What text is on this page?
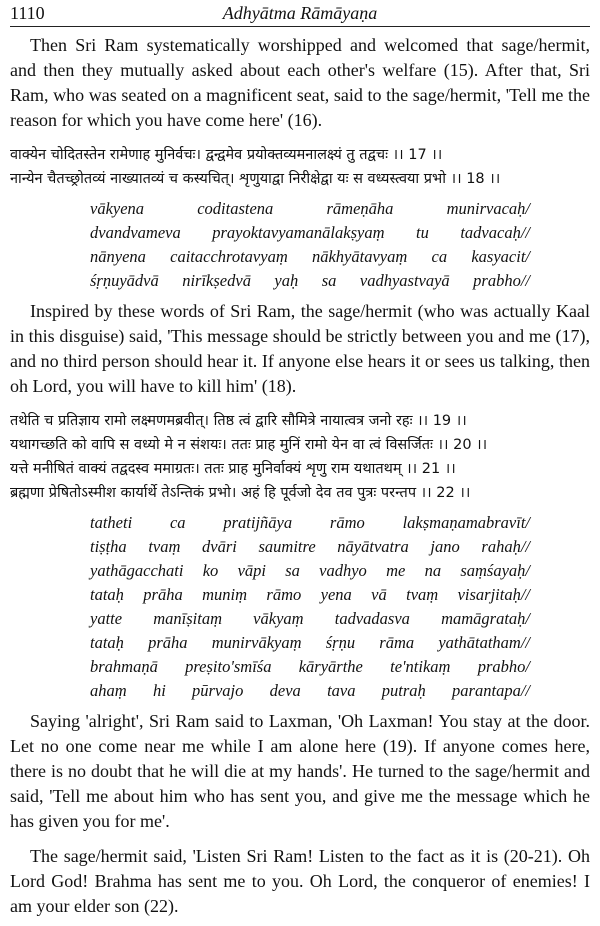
1110	Adhyātma Rāmāyaṇa

Then Sri Ram systematically worshipped and welcomed that sage/hermit, and then they mutually asked about each other's welfare (15). After that, Sri Ram, who was seated on a magnificent seat, said to the sage/hermit, 'Tell me the reason for which you have come here' (16).

वाक्येन चोदितस्तेन रामेणाह मुनिर्वचः। द्वन्द्वमेव प्रयोक्तव्यमनालक्ष्यं तु तद्वचः ।। 17 ।।
नान्येन चैतच्छ्रोतव्यं नाख्यातव्यं च कस्यचित्। शृणुयाद्वा निरीक्षेद्वा यः स वध्यस्त्वया प्रभो ।। 18 ।।
vākyena coditastena rāmeṇāha munirvacaḥ/
dvandvameva prayoktavyamanālakṣyaṃ tu tadvacaḥ//
nānyena caitacchrotavyaṃ nākhyātavyaṃ ca kasyacit/
śṛṇuyādvā nirīkṣedvā yaḥ sa vadhyastvayā prabho//

Inspired by these words of Sri Ram, the sage/hermit (who was actually Kaal in this disguise) said, 'This message should be strictly between you and me (17), and no third person should hear it. If anyone else hears it or sees us talking, then oh Lord, you will have to kill him' (18).

तथेति च प्रतिज्ञाय रामो लक्ष्मणमब्रवीत्। तिष्ठ त्वं द्वारि सौमित्रे नायात्वत्र जनो रहः ।। 19 ।।
यथागच्छति को वापि स वध्यो मे न संशयः। ततः प्राह मुनिं रामो येन वा त्वं विसर्जितः ।। 20 ।।
यत्ते मनीषितं वाक्यं तद्वदस्व ममाग्रतः। ततः प्राह मुनिर्वाक्यं शृणु राम यथातथम् ।। 21 ।।
ब्रह्मणा प्रेषितोऽस्मीश कार्यार्थे तेऽन्तिकं प्रभो। अहं हि पूर्वजो देव तव पुत्रः परन्तप ।। 22 ।।
tatheti ca pratijñāya rāmo lakṣmaṇamabravīt/
tiṣṭha tvaṃ dvāri saumitre nāyātvatra jano rahaḥ//
yathāgacchati ko vāpi sa vadhyo me na saṃśayaḥ/
tataḥ prāha muniṃ rāmo yena vā tvaṃ visarjitaḥ//
yatte manīṣitaṃ vākyaṃ tadvadasva mamāgrataḥ/
tataḥ prāha munirvākyaṃ śṛṇu rāma yathātatham//
brahmaṇā preṣito'smīśa kāryārthe te'ntikaṃ prabho/
ahaṃ hi pūrvajo deva tava putraḥ parantapa//

Saying 'alright', Sri Ram said to Laxman, 'Oh Laxman! You stay at the door. Let no one come near me while I am alone here (19). If anyone comes here, there is no doubt that he will die at my hands'. He turned to the sage/hermit and said, 'Tell me about him who has sent you, and give me the message which he has given you for me'.

The sage/hermit said, 'Listen Sri Ram! Listen to the fact as it is (20-21). Oh Lord God! Brahma has sent me to you. Oh Lord, the conqueror of enemies! I am your elder son (22).
